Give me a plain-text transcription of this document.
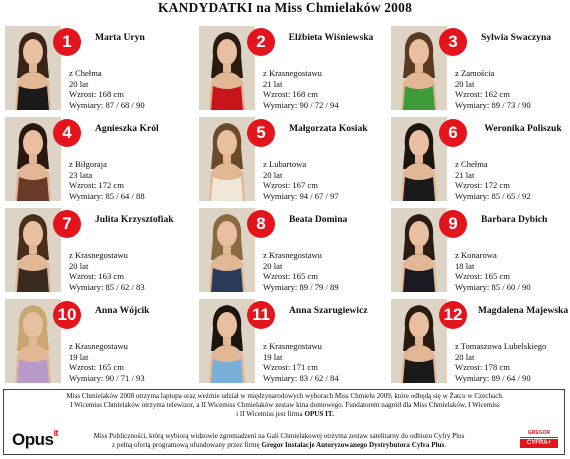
KANDYDATKI na Miss Chmielaków 2008
1	Marta Uryn
z Chełma
20 lat
Wzrost: 168 cm
Wymiary: 87 / 68 / 90
2	Elżbieta Wiśniewska
z Krasnegostawu
21 lat
Wzrost: 168 cm
Wymiary: 90 / 72 / 94
3	Sylwia Swaczyna
z Zamościa
20 lat
Wzrost: 162 cm
Wymiary: 89 / 73 / 90
4	Agnieszka Król
z Biłgoraja
23 lata
Wzrost: 172 cm
Wymiary: 85 / 64 / 88
5	Małgorzata Kosiak
z Lubartowa
20 lat
Wzrost: 167 cm
Wymiary: 94 / 67 / 97
6	Weronika Poliszuk
z Chełma
21 lat
Wzrost: 172 cm
Wymiary: 85 / 65 / 92
7	Julita Krzysztofiak
z Krasnegostawu
20 lat
Wzrost: 163 cm
Wymiary: 85 / 62 / 83
8	Beata Domina
z Krasnegostawu
20 lat
Wzrost: 165 cm
Wymiary: 89 / 79 / 89
9	Barbara Dybich
z Konarowa
18 lat
Wzrost: 165 cm
Wymiary: 85 / 60 / 90
10	Anna Wójcik
z Krasnegostawu
19 lat
Wzrost: 165 cm
Wymiary: 90 / 71 / 93
11	Anna Szarugiewicz
z Krasnegostawu
19 lat
Wzrost: 171 cm
Wymiary: 83 / 62 / 84
12	Magdalena Majewska
z Tomaszowa Lubelskiego
20 lat
Wzrost: 178 cm
Wymiary: 89 / 64 / 90
Miss Chmielaków 2008 otrzyma laptopa oraz weźmie udział w międzynarodowych wyborach Miss Chmielu 2009, które odbędą się w Żatcu w Czechach.
I Wicemiss Chmielaków otrzyma telewizor, a II Wicemiss Chmielaków zestaw kina domowego. Fundatorem nagród dla Miss Chmielaków, I Wicemiss
i II Wicemiss jest firma OPUS IT.
Opus$^{it}$	Miss Publiczności, którą wybiorą widzowie zgromadzeni na Gali Chmielakowej otrzyma zestaw satelitarny do odbioru Cyfry Plus
z pełną ofertą programową ufundowany przez firmę Gregor Instalacje Autoryzowanego Dystrybutora Cyfra Plus.
GREGOR
CYFRA+
